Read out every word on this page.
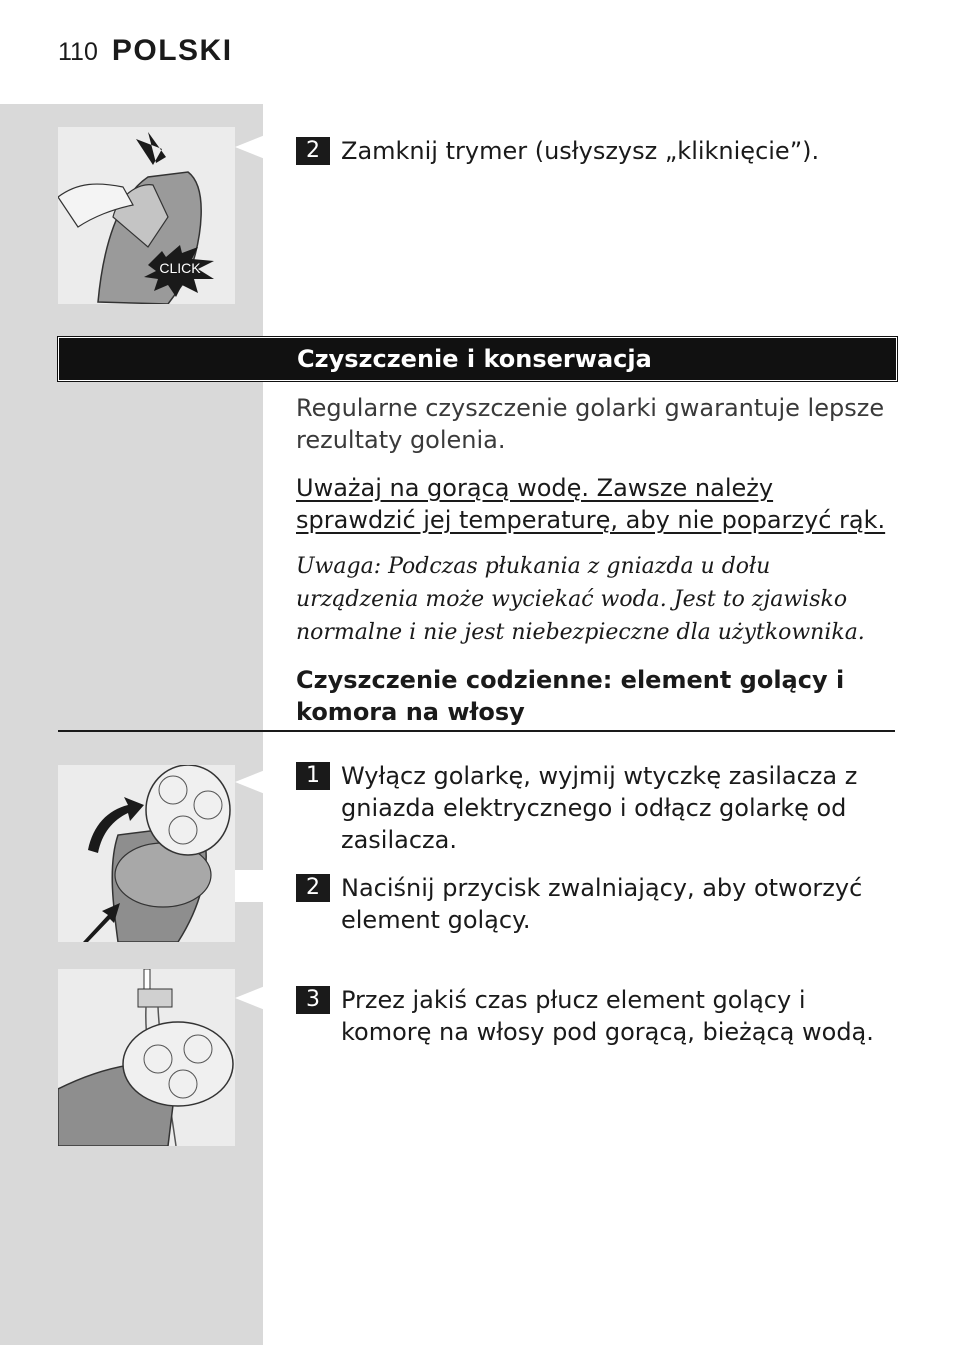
110 POLSKI
CLICK
2 Zamknij trymer (usłyszysz „kliknięcie”).
Czyszczenie i konserwacja
Regularne czyszczenie golarki gwarantuje lepsze rezultaty golenia.
Uważaj na gorącą wodę. Zawsze należy sprawdzić jej temperaturę, aby nie poparzyć rąk.
Uwaga: Podczas płukania z gniazda u dołu urządzenia może wyciekać woda. Jest to zjawisko normalne i nie jest niebezpieczne dla użytkownika.
Czyszczenie codzienne: element golący i komora na włosy
1 Wyłącz golarkę, wyjmij wtyczkę zasilacza z gniazda elektrycznego i odłącz golarkę od zasilacza.
2 Naciśnij przycisk zwalniający, aby otworzyć element golący.
3 Przez jakiś czas płucz element golący i komorę na włosy pod gorącą, bieżącą wodą.
